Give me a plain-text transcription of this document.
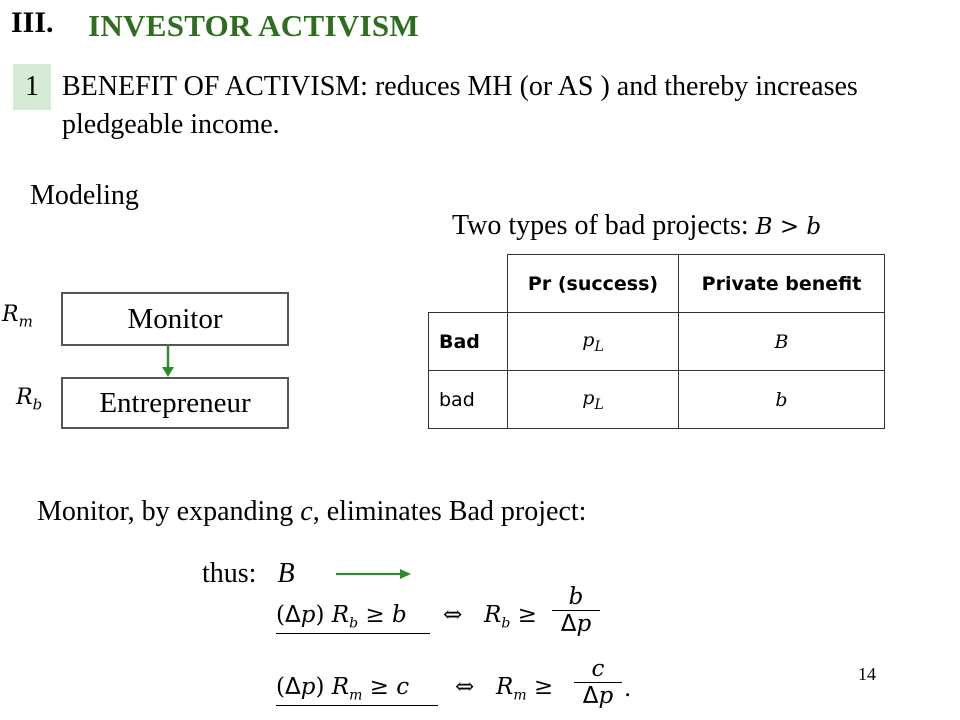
III. INVESTOR ACTIVISM
1 BENEFIT OF ACTIVISM: reduces MH (or AS ) and thereby increases pledgeable income.
Modeling
Two types of bad projects: B > b
$R_m$	Monitor
$R_b$	Entrepreneur
	Pr (success)	Private benefit
Bad	$p_L$	B
bad	$p_L$	b
Monitor, by expanding c, eliminates Bad project:
thus: B
(Δp) $R_b \ge b$ ⇔ $R_b \ge \frac{b}{\Delta p}$
(Δp) $R_m \ge c$ ⇔ $R_m \ge \frac{c}{\Delta p}$ .
14
